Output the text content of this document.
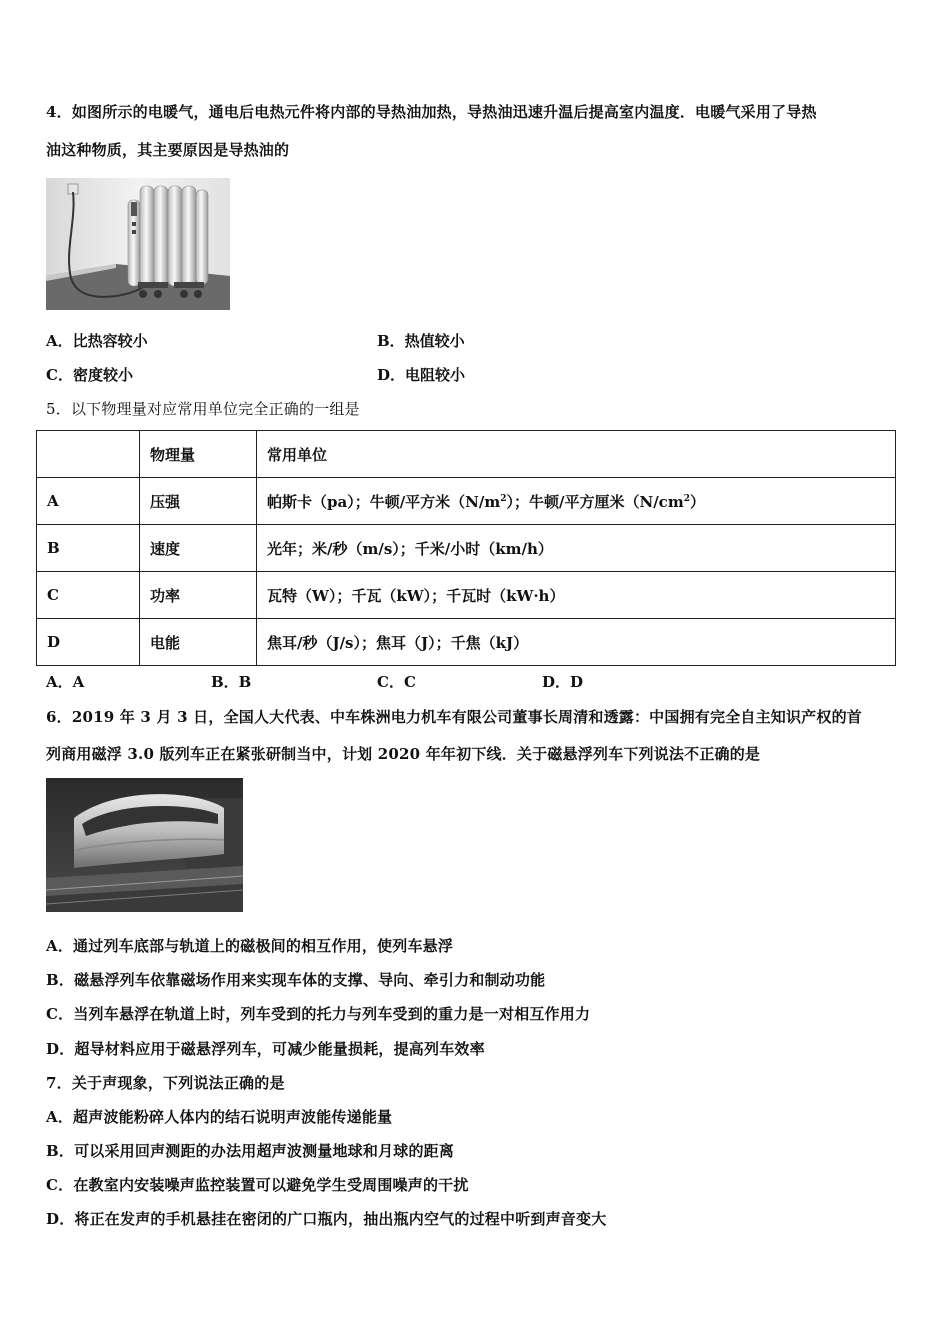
4．如图所示的电暖气，通电后电热元件将内部的导热油加热，导热油迅速升温后提高室内温度．电暖气采用了导热
油这种物质，其主要原因是导热油的
A．比热容较小	B．热值较小
C．密度较小	D．电阻较小
5．以下物理量对应常用单位完全正确的一组是
	物理量	常用单位
A	压强	帕斯卡（pa）；牛顿/平方米$(N/m^2)$；牛顿/平方厘米$(N/cm^2)$
B	速度	光年；米/秒（m/s）；千米/小时（km/h）
C	功率	瓦特（W）；千瓦（kW）；千瓦时（kW·h）
D	电能	焦耳/秒（J/s）；焦耳（J）；千焦（kJ）
A．A	B．B	C．C	D．D
6．2019 年 3 月 3 日，全国人大代表、中车株洲电力机车有限公司董事长周清和透露：中国拥有完全自主知识产权的首
列商用磁浮 3.0 版列车正在紧张研制当中，计划 2020 年年初下线．关于磁悬浮列车下列说法不正确的是
A．通过列车底部与轨道上的磁极间的相互作用，使列车悬浮
B．磁悬浮列车依靠磁场作用来实现车体的支撑、导向、牵引力和制动功能
C．当列车悬浮在轨道上时，列车受到的托力与列车受到的重力是一对相互作用力
D．超导材料应用于磁悬浮列车，可减少能量损耗，提高列车效率
7．关于声现象，下列说法正确的是
A．超声波能粉碎人体内的结石说明声波能传递能量
B．可以采用回声测距的办法用超声波测量地球和月球的距离
C．在教室内安装噪声监控装置可以避免学生受周围噪声的干扰
D．将正在发声的手机悬挂在密闭的广口瓶内，抽出瓶内空气的过程中听到声音变大
